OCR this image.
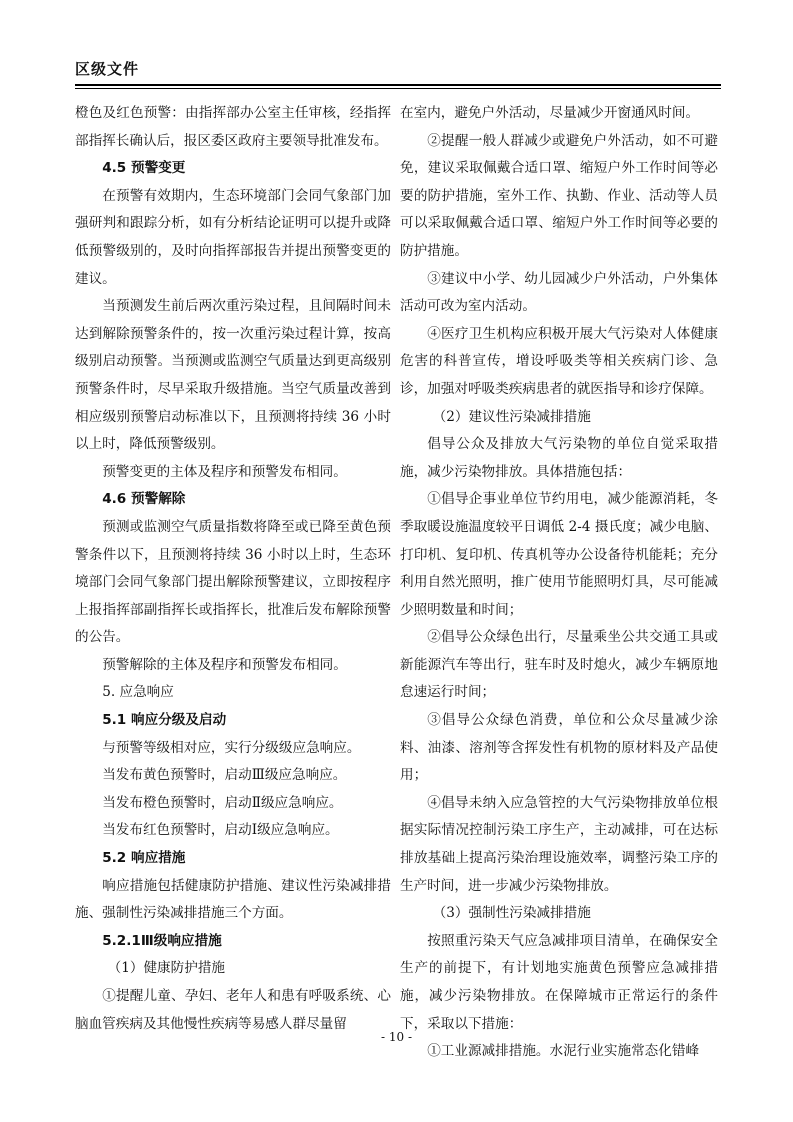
区级文件

橙色及红色预警：由指挥部办公室主任审核，经指挥部指挥长确认后，报区委区政府主要领导批准发布。

4.5 预警变更

在预警有效期内，生态环境部门会同气象部门加强研判和跟踪分析，如有分析结论证明可以提升或降低预警级别的，及时向指挥部报告并提出预警变更的建议。

当预测发生前后两次重污染过程，且间隔时间未达到解除预警条件的，按一次重污染过程计算，按高级别启动预警。当预测或监测空气质量达到更高级别预警条件时，尽早采取升级措施。当空气质量改善到相应级别预警启动标准以下，且预测将持续 36 小时以上时，降低预警级别。

预警变更的主体及程序和预警发布相同。

4.6 预警解除

预测或监测空气质量指数将降至或已降至黄色预警条件以下，且预测将持续 36 小时以上时，生态环境部门会同气象部门提出解除预警建议，立即按程序上报指挥部副指挥长或指挥长，批准后发布解除预警的公告。

预警解除的主体及程序和预警发布相同。

5. 应急响应

5.1 响应分级及启动

与预警等级相对应，实行分级级应急响应。

当发布黄色预警时，启动Ⅲ级应急响应。

当发布橙色预警时，启动Ⅱ级应急响应。

当发布红色预警时，启动Ⅰ级应急响应。

5.2 响应措施

响应措施包括健康防护措施、建议性污染减排措施、强制性污染减排措施三个方面。

5.2.1Ⅲ级响应措施

（1）健康防护措施

①提醒儿童、孕妇、老年人和患有呼吸系统、心脑血管疾病及其他慢性疾病等易感人群尽量留

在室内，避免户外活动，尽量减少开窗通风时间。

②提醒一般人群减少或避免户外活动，如不可避免，建议采取佩戴合适口罩、缩短户外工作时间等必要的防护措施，室外工作、执勤、作业、活动等人员可以采取佩戴合适口罩、缩短户外工作时间等必要的防护措施。

③建议中小学、幼儿园减少户外活动，户外集体活动可改为室内活动。

④医疗卫生机构应积极开展大气污染对人体健康危害的科普宣传，增设呼吸类等相关疾病门诊、急诊，加强对呼吸类疾病患者的就医指导和诊疗保障。

（2）建议性污染减排措施

倡导公众及排放大气污染物的单位自觉采取措施，减少污染物排放。具体措施包括：

①倡导企事业单位节约用电，减少能源消耗，冬季取暖设施温度较平日调低 2-4 摄氏度；减少电脑、打印机、复印机、传真机等办公设备待机能耗；充分利用自然光照明，推广使用节能照明灯具，尽可能减少照明数量和时间；

②倡导公众绿色出行，尽量乘坐公共交通工具或新能源汽车等出行，驻车时及时熄火，减少车辆原地怠速运行时间；

③倡导公众绿色消费，单位和公众尽量减少涂料、油漆、溶剂等含挥发性有机物的原材料及产品使用；

④倡导未纳入应急管控的大气污染物排放单位根据实际情况控制污染工序生产，主动减排，可在达标排放基础上提高污染治理设施效率，调整污染工序的生产时间，进一步减少污染物排放。

（3）强制性污染减排措施

按照重污染天气应急减排项目清单，在确保安全生产的前提下，有计划地实施黄色预警应急减排措施，减少污染物排放。在保障城市正常运行的条件下，采取以下措施：

①工业源减排措施。水泥行业实施常态化错峰

- 10 -
